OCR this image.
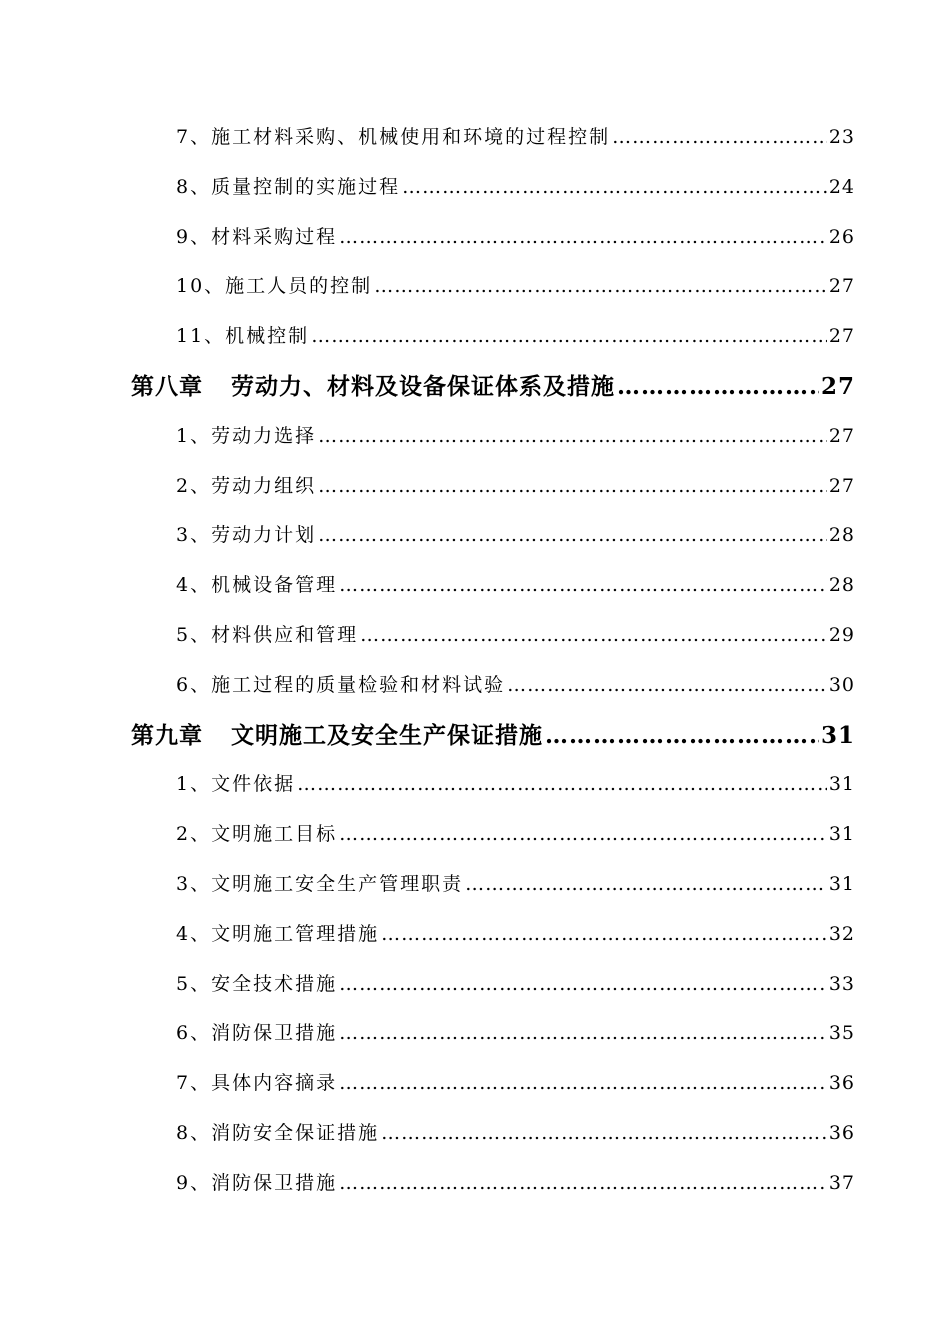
7、施工材料采购、机械使用和环境的过程控制 ……………………………………………………………………………………………………………………………………………………………………	23
8、质量控制的实施过程 ……………………………………………………………………………………………………………………………………………………………………	24
9、材料采购过程 ……………………………………………………………………………………………………………………………………………………………………	26
10、施工人员的控制 ……………………………………………………………………………………………………………………………………………………………………	27
11、机械控制 ……………………………………………………………………………………………………………………………………………………………………	27
第八章 劳动力、材料及设备保证体系及措施 ……………………………………………………………………………………………………………………………………………………………………	27
1、劳动力选择 ……………………………………………………………………………………………………………………………………………………………………	27
2、劳动力组织 ……………………………………………………………………………………………………………………………………………………………………	27
3、劳动力计划 ……………………………………………………………………………………………………………………………………………………………………	28
4、机械设备管理 ……………………………………………………………………………………………………………………………………………………………………	28
5、材料供应和管理 ……………………………………………………………………………………………………………………………………………………………………	29
6、施工过程的质量检验和材料试验 ……………………………………………………………………………………………………………………………………………………………………	30
第九章 文明施工及安全生产保证措施 ……………………………………………………………………………………………………………………………………………………………………	31
1、文件依据 ……………………………………………………………………………………………………………………………………………………………………	31
2、文明施工目标 ……………………………………………………………………………………………………………………………………………………………………	31
3、文明施工安全生产管理职责 ……………………………………………………………………………………………………………………………………………………………………	31
4、文明施工管理措施 ……………………………………………………………………………………………………………………………………………………………………	32
5、安全技术措施 ……………………………………………………………………………………………………………………………………………………………………	33
6、消防保卫措施 ……………………………………………………………………………………………………………………………………………………………………	35
7、具体内容摘录 ……………………………………………………………………………………………………………………………………………………………………	36
8、消防安全保证措施 ……………………………………………………………………………………………………………………………………………………………………	36
9、消防保卫措施 ……………………………………………………………………………………………………………………………………………………………………	37
